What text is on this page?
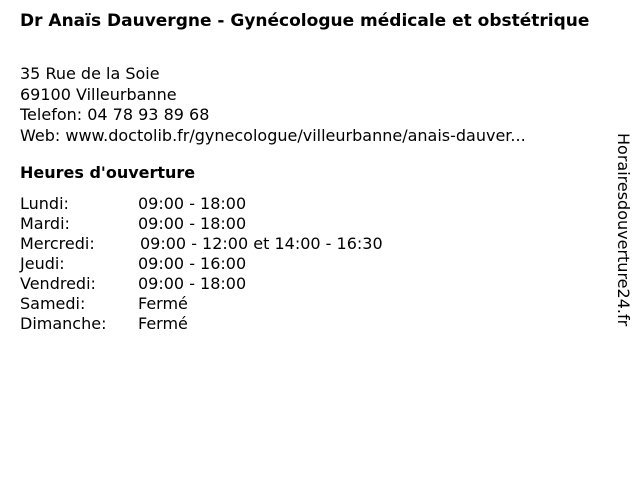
Dr Anaïs Dauvergne - Gynécologue médicale et obstétrique
35 Rue de la Soie
69100 Villeurbanne
Telefon: 04 78 93 89 68
Web: www.doctolib.fr/gynecologue/villeurbanne/anais-dauver...
Heures d'ouverture
Lundi:	09:00 - 18:00
Mardi:	09:00 - 18:00
Mercredi:	09:00 - 12:00 et 14:00 - 16:30
Jeudi:	09:00 - 16:00
Vendredi:	09:00 - 18:00
Samedi:	Fermé
Dimanche: Fermé	Horairesdouverture24.fr
